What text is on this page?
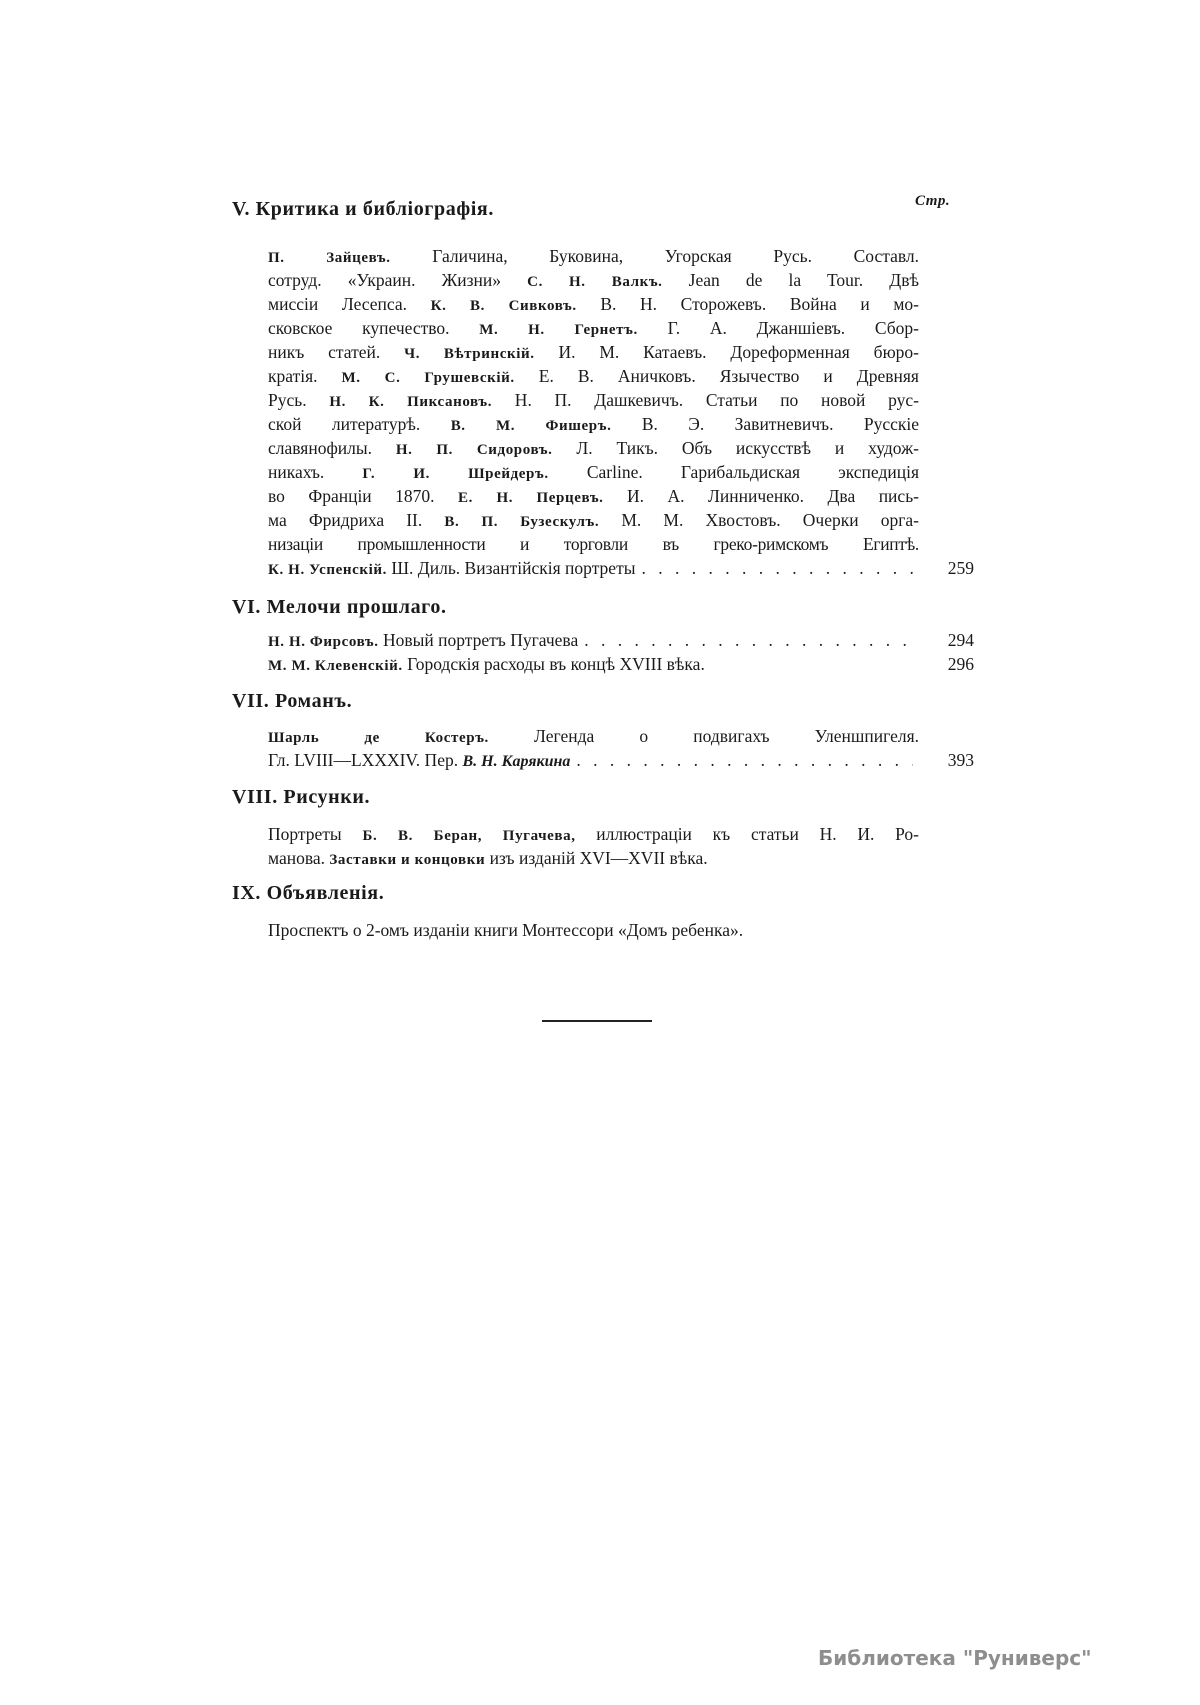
Стр.
V. Критика и библіографія.
П. Зайцевъ. Галичина, Буковина, Угорская Русь. Составл.
сотруд. «Украин. Жизни» С. Н. Валкъ. Jean de la Tour. Двѣ
миссіи Лесепса. К. В. Сивковъ. В. Н. Сторожевъ. Война и мо-
сковское купечество. М. Н. Гернетъ. Г. А. Джаншіевъ. Сбор-
никъ статей. Ч. Вѣтринскій. И. М. Катаевъ. Дореформенная бюро-
кратія. М. С. Грушевскій. Е. В. Аничковъ. Язычество и Древняя
Русь. Н. К. Пиксановъ. Н. П. Дашкевичъ. Статьи по новой рус-
ской литературѣ. В. М. Фишеръ. В. Э. Завитневичъ. Русскіе
славянофилы. Н. П. Сидоровъ. Л. Тикъ. Объ искусствѣ и худож-
никахъ. Г. И. Шрейдеръ. Carline. Гарибальдиская экспедиція
во Франціи 1870. Е. Н. Перцевъ. И. А. Линниченко. Два пись-
ма Фридриха II. В. П. Бузескулъ. М. М. Хвостовъ. Очерки орга-
низаціи промышленности и торговли въ греко-римскомъ Египтѣ.
К. Н. Успенскій. Ш. Диль. Византійскія портреты . . .	259
VI. Мелочи прошлаго.
Н. Н. Фирсовъ. Новый портретъ Пугачева
. . .
М. М. Клевенскій. Городскія расходы въ концѣ XVIII вѣка.
294
296
VII. Романъ.
Шарль де Костеръ. Легенда о подвигахъ Уленшпигеля.
Гл. LVIII—LXXXIV. Пер. В. Н. Карякина . . .	393
VIII. Рисунки.
Портреты Б. В. Беран, Пугачева, иллюстраціи къ статьи Н. И. Ро-
манова. Заставки и концовки изъ изданій XVI—XVII вѣка.
IX. Объявленія.
Проспектъ о 2-омъ изданіи книги Монтессори «Домъ ребенка».
Библиотека "Руниверс"
